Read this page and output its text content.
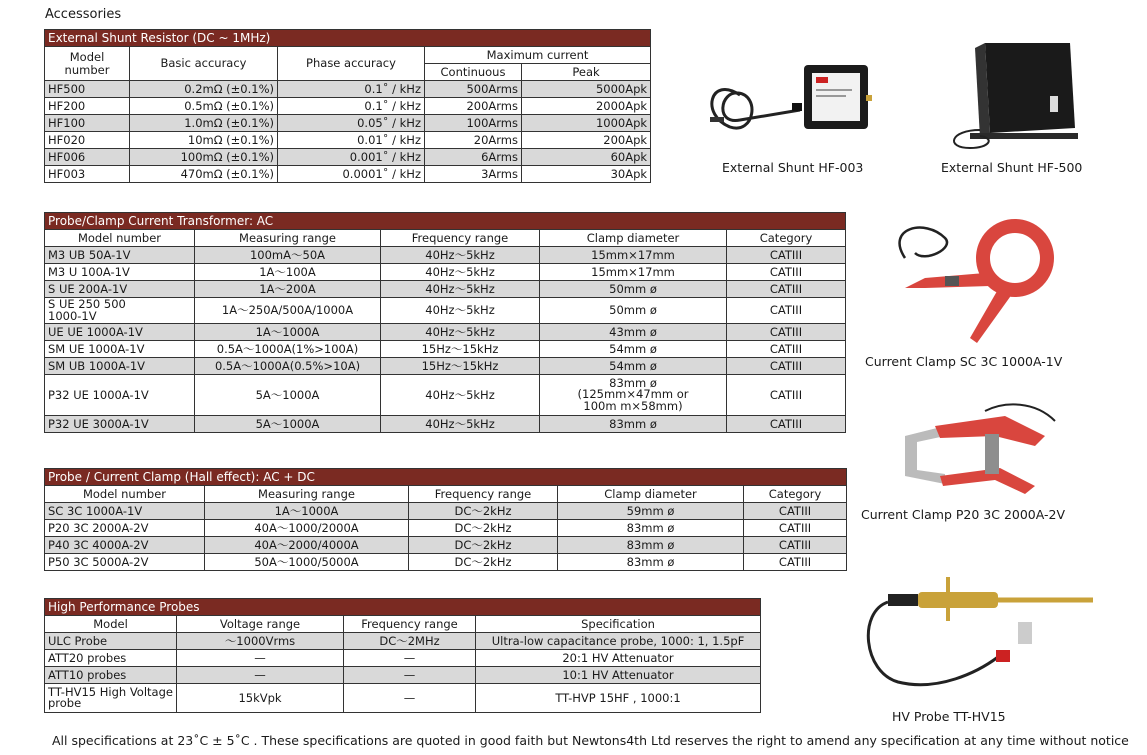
Accessories
External Shunt Resistor (DC ~ 1MHz)				
Model
number	Basic accuracy	Phase accuracy	Maximum current	
			Continuous	Peak
HF500	0.2mΩ (±0.1%)	0.1˚ / kHz	500Arms	5000Apk
HF200	0.5mΩ (±0.1%)	0.1˚ / kHz	200Arms	2000Apk
HF100	1.0mΩ (±0.1%)	0.05˚ / kHz	100Arms	1000Apk
HF020	10mΩ (±0.1%)	0.01˚ / kHz	20Arms	200Apk
HF006	100mΩ (±0.1%)	0.001˚ / kHz	6Arms	60Apk
HF003	470mΩ (±0.1%)	0.0001˚ / kHz	3Arms	30Apk
Probe/Clamp Current Transformer: AC				
Model number	Measuring range	Frequency range	Clamp diameter	Category
M3 UB 50A-1V	100mA～50A	40Hz～5kHz	15mm×17mm	CATIII
M3 U 100A-1V	1A～100A	40Hz～5kHz	15mm×17mm	CATIII
S UE 200A-1V	1A～200A	40Hz～5kHz	50mm ø	CATIII
S UE 250 500
1000-1V	1A～250A/500A/1000A	40Hz～5kHz	50mm ø	CATIII
UE UE 1000A-1V	1A～1000A	40Hz～5kHz	43mm ø	CATIII
SM UE 1000A-1V	0.5A～1000A(1%>100A)	15Hz～15kHz	54mm ø	CATIII
SM UB 1000A-1V	0.5A～1000A(0.5%>10A)	15Hz～15kHz	54mm ø	CATIII
P32 UE 1000A-1V	5A～1000A	40Hz～5kHz	83mm ø
(125mm×47mm or
100m m×58mm)	CATIII
P32 UE 3000A-1V	5A～1000A	40Hz～5kHz	83mm ø	CATIII
Probe / Current Clamp (Hall effect): AC + DC				
Model number	Measuring range	Frequency range	Clamp diameter	Category
SC 3C 1000A-1V	1A～1000A	DC～2kHz	59mm ø	CATIII
P20 3C 2000A-2V	40A～1000/2000A	DC～2kHz	83mm ø	CATIII
P40 3C 4000A-2V	40A～2000/4000A	DC～2kHz	83mm ø	CATIII
P50 3C 5000A-2V	50A～1000/5000A	DC～2kHz	83mm ø	CATIII
High Performance Probes			
Model	Voltage range	Frequency range	Specification
ULC Probe	～1000Vrms	DC～2MHz	Ultra-low capacitance probe, 1000: 1, 1.5pF
ATT20 probes	—	—	20:1 HV Attenuator
ATT10 probes	—	—	10:1 HV Attenuator
TT-HV15 High Voltage
probe	15kVpk	—	TT-HVP 15HF , 1000:1
External Shunt HF-003	External Shunt HF-500
Current Clamp SC 3C 1000A-1V
Current Clamp P20 3C 2000A-2V
HV Probe TT-HV15
All specifications at 23˚C ± 5˚C . These specifications are quoted in good faith but Newtons4th Ltd reserves the right to amend any specification at any time without notice
